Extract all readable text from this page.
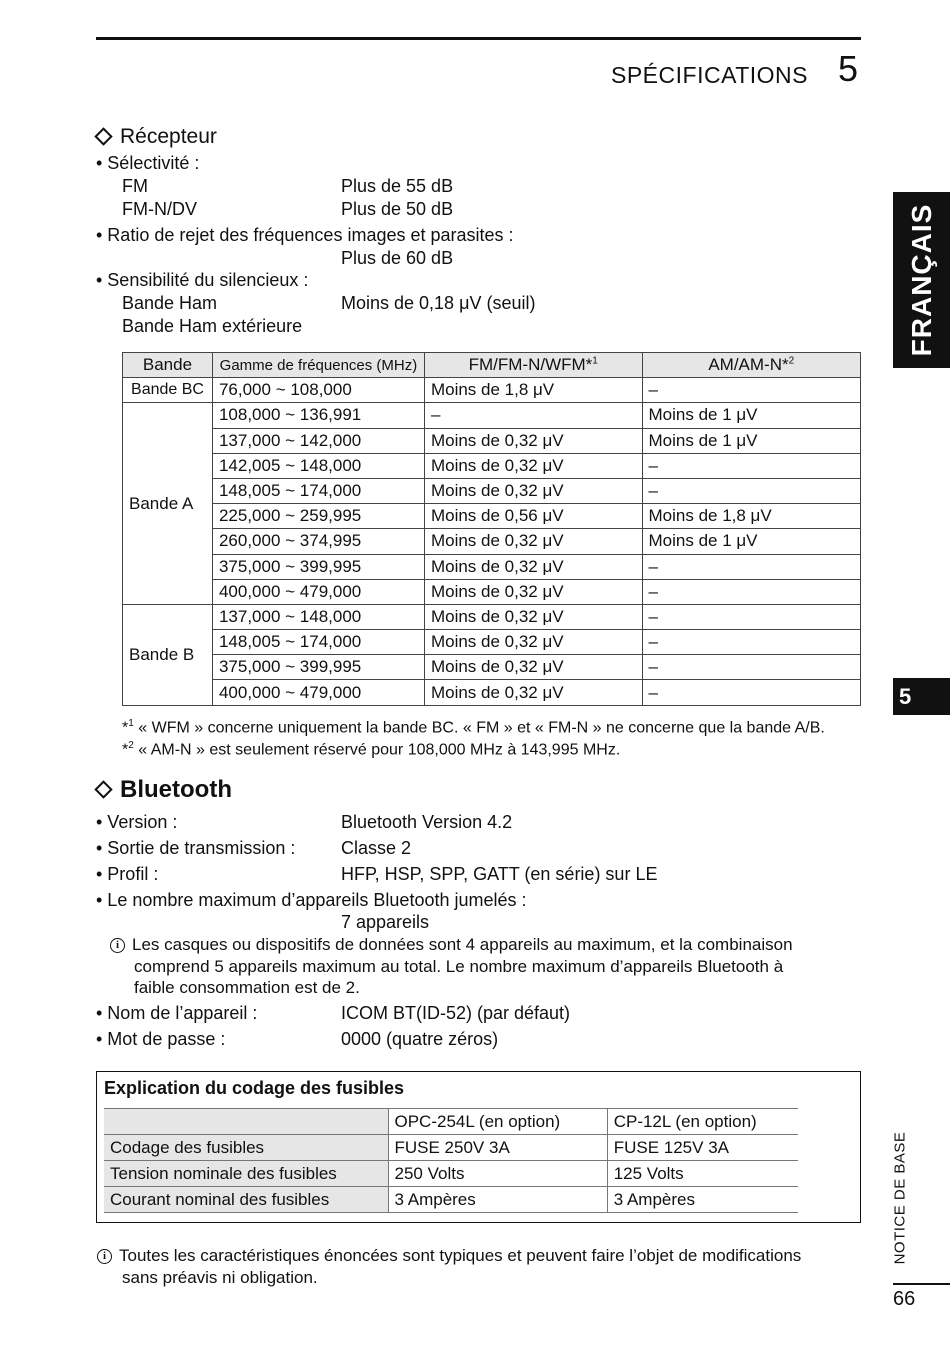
SPÉCIFICATIONS 5
FRANÇAIS
5
NOTICE DE BASE
66
Récepteur
• Sélectivité :
FM	Plus de 55 dB
FM-N/DV	Plus de 50 dB
• Ratio de rejet des fréquences images et parasites :
Plus de 60 dB
• Sensibilité du silencieux :
Bande Ham	Moins de 0,18 μV (seuil)
Bande Ham extérieure
Bande	Gamme de fréquences (MHz)	FM/FM-N/WFM*$^1$	AM/AM-N*$^2$
Bande BC	76,000 ~ 108,000	Moins de 1,8 μV	–
Bande A	108,000 ~ 136,991	–	Moins de 1 μV
	137,000 ~ 142,000	Moins de 0,32 μV	Moins de 1 μV
	142,005 ~ 148,000	Moins de 0,32 μV	–
	148,005 ~ 174,000	Moins de 0,32 μV	–
	225,000 ~ 259,995	Moins de 0,56 μV	Moins de 1,8 μV
	260,000 ~ 374,995	Moins de 0,32 μV	Moins de 1 μV
	375,000 ~ 399,995	Moins de 0,32 μV	–
	400,000 ~ 479,000	Moins de 0,32 μV	–
Bande B	137,000 ~ 148,000	Moins de 0,32 μV	–
	148,005 ~ 174,000	Moins de 0,32 μV	–
	375,000 ~ 399,995	Moins de 0,32 μV	–
	400,000 ~ 479,000	Moins de 0,32 μV	–
*$^1$ « WFM » concerne uniquement la bande BC. « FM » et « FM-N » ne concerne que la bande A/B.
*$^2$ « AM-N » est seulement réservé pour 108,000 MHz à 143,995 MHz.
Bluetooth
• Version :	Bluetooth Version 4.2
• Sortie de transmission :	Classe 2
• Profil :	HFP, HSP, SPP, GATT (en série) sur LE
• Le nombre maximum d’appareils Bluetooth jumelés :
7 appareils
i Les casques ou dispositifs de données sont 4 appareils au maximum, et la combinaison
comprend 5 appareils maximum au total. Le nombre maximum d’appareils Bluetooth à
faible consommation est de 2.
• Nom de l’appareil :	ICOM BT(ID-52) (par défaut)
• Mot de passe :	0000 (quatre zéros)
Explication du codage des fusibles
	OPC-254L (en option)	CP-12L (en option)
Codage des fusibles	FUSE 250V 3A	FUSE 125V 3A
Tension nominale des fusibles	250 Volts	125 Volts
Courant nominal des fusibles	3 Ampères	3 Ampères
i Toutes les caractéristiques énoncées sont typiques et peuvent faire l’objet de modifications
sans préavis ni obligation.
